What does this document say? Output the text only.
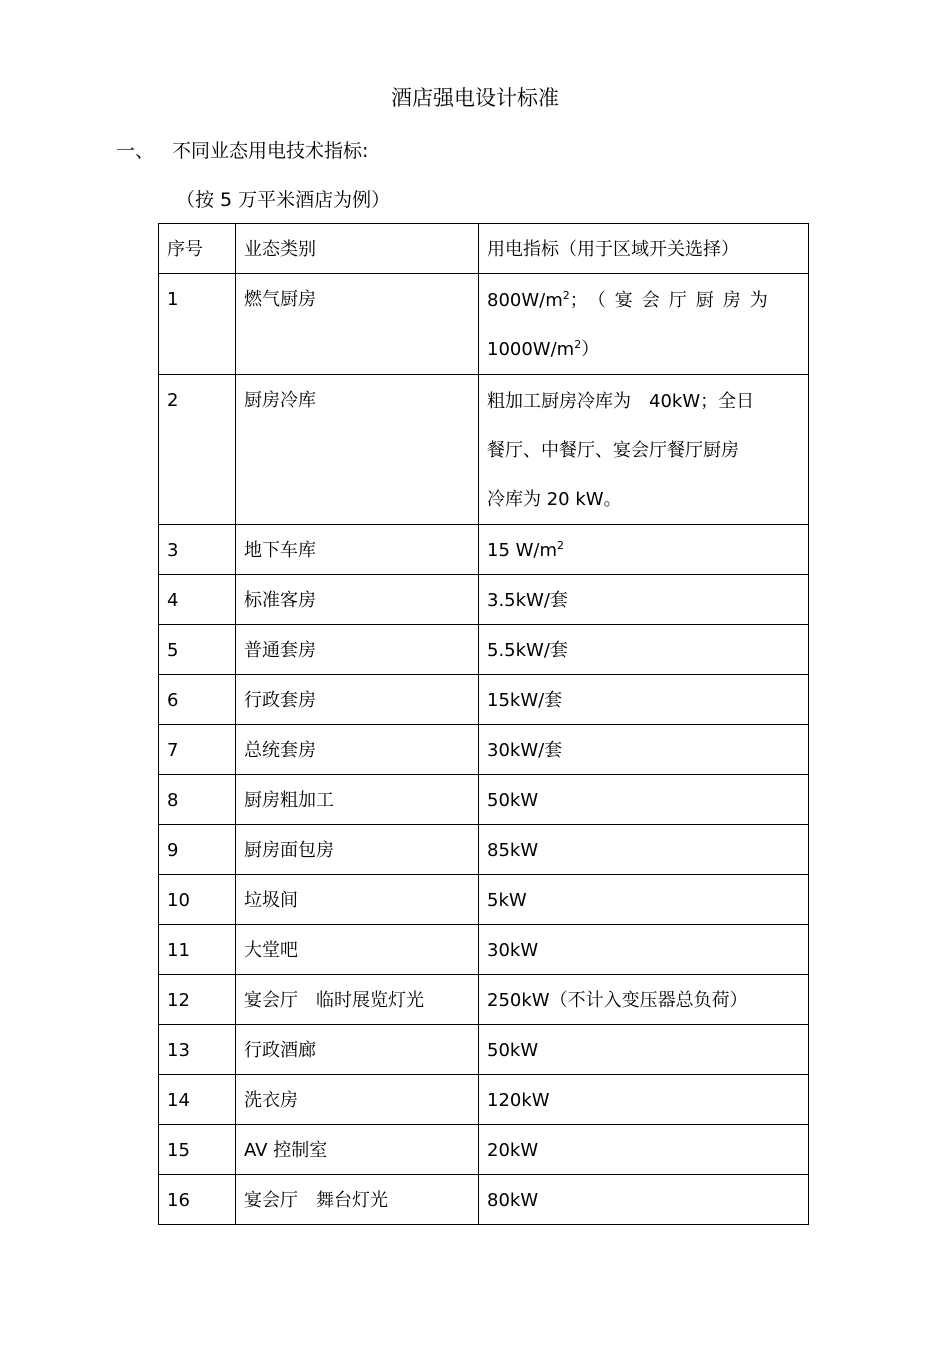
酒店强电设计标准
一、 不同业态用电技术指标:
（按 5 万平米酒店为例）
序号	业态类别	用电指标（用于区域开关选择）
1	燃气厨房	$800W/m^2$；（宴会厅厨房为
$1000W/m^2$）

2	厨房冷库	粗加工厨房冷库为　40kW；全日
餐厅、中餐厅、宴会厅餐厅厨房
冷库为 20 kW。

3	地下车库	15 $W/m^2$
4	标准客房	3.5kW/套
5	普通套房	5.5kW/套
6	行政套房	15kW/套
7	总统套房	30kW/套
8	厨房粗加工	50kW
9	厨房面包房	85kW
10	垃圾间	5kW
11	大堂吧	30kW
12	宴会厅　临时展览灯光	250kW（不计入变压器总负荷）
13	行政酒廊	50kW
14	洗衣房	120kW
15	AV 控制室	20kW
16	宴会厅　舞台灯光	80kW
